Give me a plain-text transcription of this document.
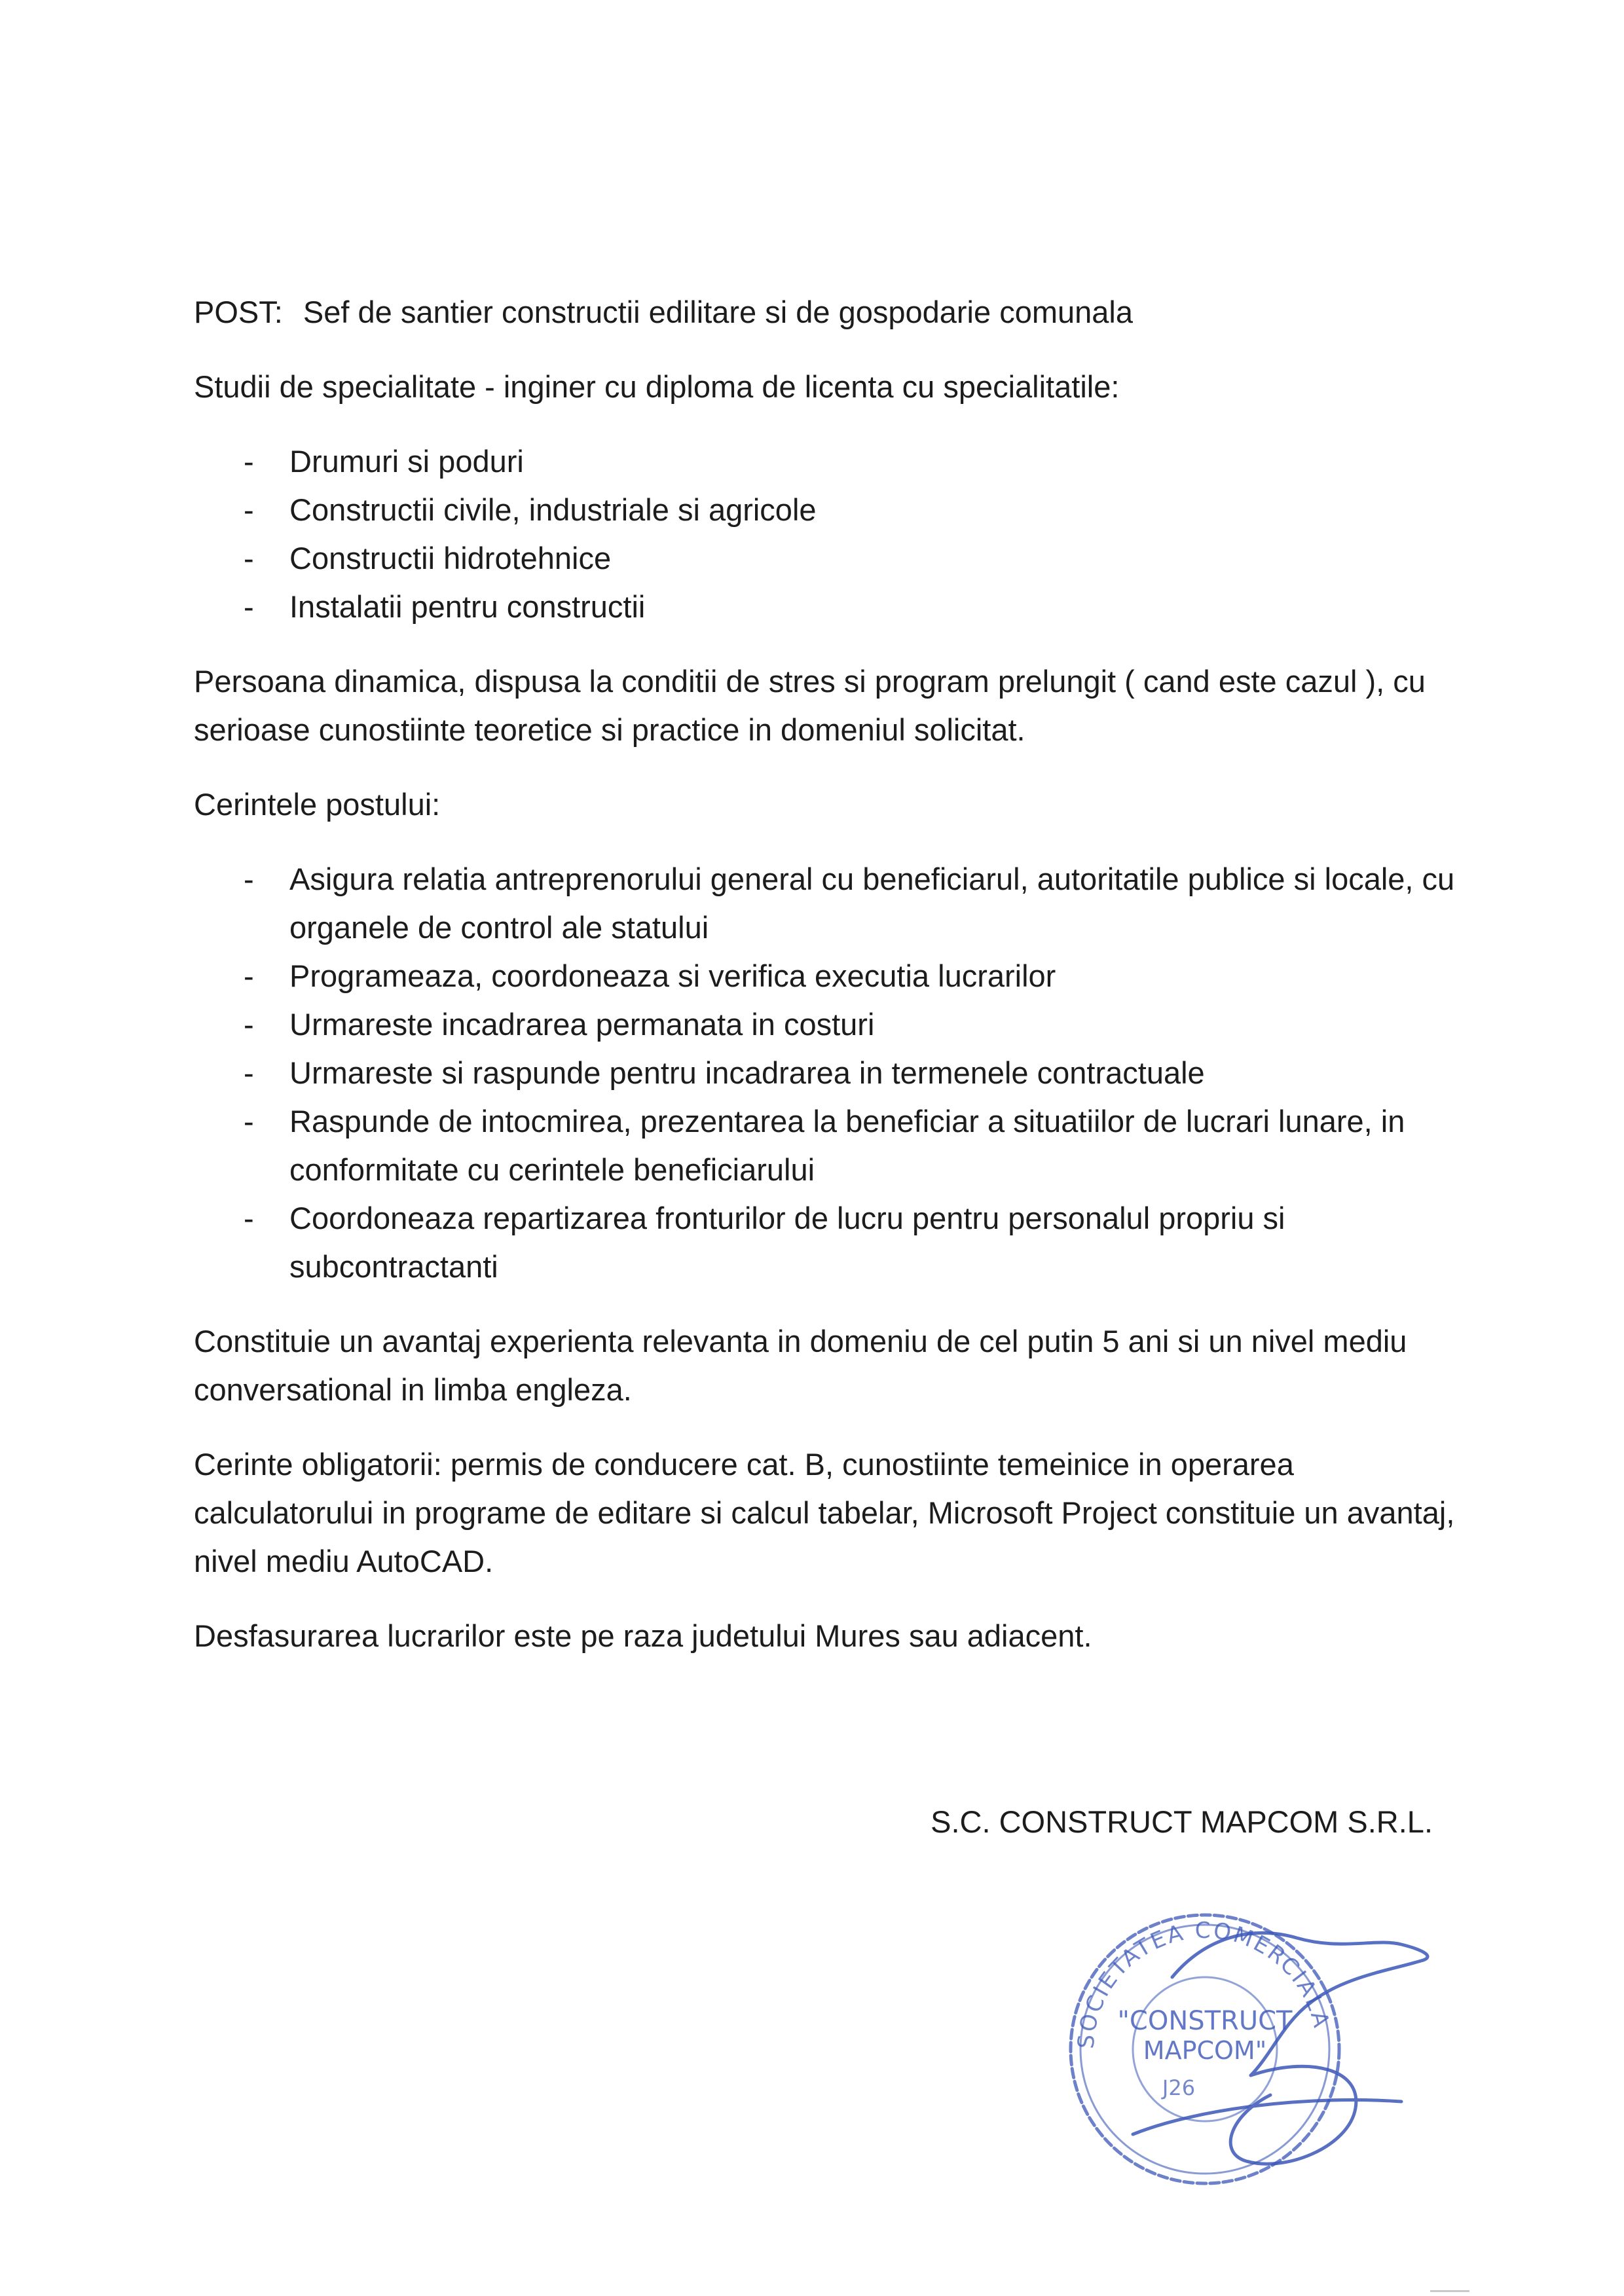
POST: Sef de santier constructii edilitare si de gospodarie comunala

Studii de specialitate - inginer cu diploma de licenta cu specialitatile:

- Drumuri si poduri
- Constructii civile, industriale si agricole
- Constructii hidrotehnice
- Instalatii pentru constructii

Persoana dinamica, dispusa la conditii de stres si program prelungit ( cand este cazul ), cu serioase cunostiinte teoretice si practice in domeniul solicitat.

Cerintele postului:

- Asigura relatia antreprenorului general cu beneficiarul, autoritatile publice si locale, cu organele de control ale statului
- Programeaza, coordoneaza si verifica executia lucrarilor
- Urmareste incadrarea permanata in costuri
- Urmareste si raspunde pentru incadrarea in termenele contractuale
- Raspunde de intocmirea, prezentarea la beneficiar a situatiilor de lucrari lunare, in conformitate cu cerintele beneficiarului
- Coordoneaza repartizarea fronturilor de lucru pentru personalul propriu si subcontractanti

Constituie un avantaj experienta relevanta in domeniu de cel putin 5 ani si un nivel mediu conversational in limba engleza.

Cerinte obligatorii: permis de conducere cat. B, cunostiinte temeinice in operarea calculatorului in programe de editare si calcul tabelar, Microsoft Project constituie un avantaj, nivel mediu AutoCAD.

Desfasurarea lucrarilor este pe raza judetului Mures sau adiacent.

S.C. CONSTRUCT MAPCOM S.R.L.
SOCIETATEA COMERCIALA
"CONSTRUCT
MAPCOM"
J26
